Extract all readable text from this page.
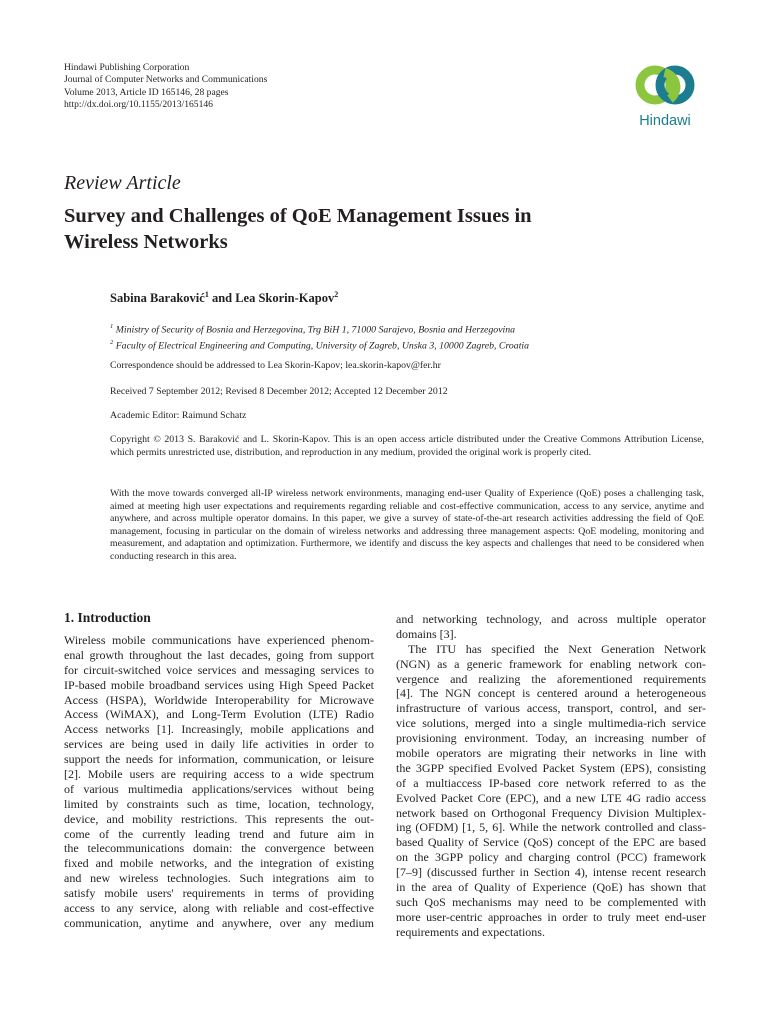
Hindawi Publishing Corporation
Journal of Computer Networks and Communications
Volume 2013, Article ID 165146, 28 pages
http://dx.doi.org/10.1155/2013/165146
Hindawi
Review Article
Survey and Challenges of QoE Management Issues in
Wireless Networks
Sabina Baraković$^1$ and Lea Skorin-Kapov$^2$
$^1$ Ministry of Security of Bosnia and Herzegovina, Trg BiH 1, 71000 Sarajevo, Bosnia and Herzegovina
$^2$ Faculty of Electrical Engineering and Computing, University of Zagreb, Unska 3, 10000 Zagreb, Croatia
Correspondence should be addressed to Lea Skorin-Kapov; lea.skorin-kapov@fer.hr
Received 7 September 2012; Revised 8 December 2012; Accepted 12 December 2012
Academic Editor: Raimund Schatz
Copyright © 2013 S. Baraković and L. Skorin-Kapov. This is an open access article distributed under the Creative Commons Attribution License, which permits unrestricted use, distribution, and reproduction in any medium, provided the original work is properly cited.
With the move towards converged all-IP wireless network environments, managing end-user Quality of Experience (QoE) poses a challenging task, aimed at meeting high user expectations and requirements regarding reliable and cost-effective communication, access to any service, anytime and anywhere, and across multiple operator domains. In this paper, we give a survey of state-of-the-art research activities addressing the field of QoE management, focusing in particular on the domain of wireless networks and addressing three management aspects: QoE modeling, monitoring and measurement, and adaptation and optimization. Furthermore, we identify and discuss the key aspects and challenges that need to be considered when conducting research in this area.
1. Introduction
Wireless mobile communications have experienced phenom-
enal growth throughout the last decades, going from support
for circuit-switched voice services and messaging services to
IP-based mobile broadband services using High Speed Packet
Access (HSPA), Worldwide Interoperability for Microwave
Access (WiMAX), and Long-Term Evolution (LTE) Radio
Access networks [1]. Increasingly, mobile applications and
services are being used in daily life activities in order to
support the needs for information, communication, or leisure
[2]. Mobile users are requiring access to a wide spectrum
of various multimedia applications/services without being
limited by constraints such as time, location, technology,
device, and mobility restrictions. This represents the out-
come of the currently leading trend and future aim in
the telecommunications domain: the convergence between
fixed and mobile networks, and the integration of existing
and new wireless technologies. Such integrations aim to
satisfy mobile users' requirements in terms of providing
access to any service, along with reliable and cost-effective
communication, anytime and anywhere, over any medium
and networking technology, and across multiple operator
domains [3].
The ITU has specified the Next Generation Network
(NGN) as a generic framework for enabling network con-
vergence and realizing the aforementioned requirements
[4]. The NGN concept is centered around a heterogeneous
infrastructure of various access, transport, control, and ser-
vice solutions, merged into a single multimedia-rich service
provisioning environment. Today, an increasing number of
mobile operators are migrating their networks in line with
the 3GPP specified Evolved Packet System (EPS), consisting
of a multiaccess IP-based core network referred to as the
Evolved Packet Core (EPC), and a new LTE 4G radio access
network based on Orthogonal Frequency Division Multiplex-
ing (OFDM) [1, 5, 6]. While the network controlled and class-
based Quality of Service (QoS) concept of the EPC are based
on the 3GPP policy and charging control (PCC) framework
[7–9] (discussed further in Section 4), intense recent research
in the area of Quality of Experience (QoE) has shown that
such QoS mechanisms may need to be complemented with
more user-centric approaches in order to truly meet end-user
requirements and expectations.
